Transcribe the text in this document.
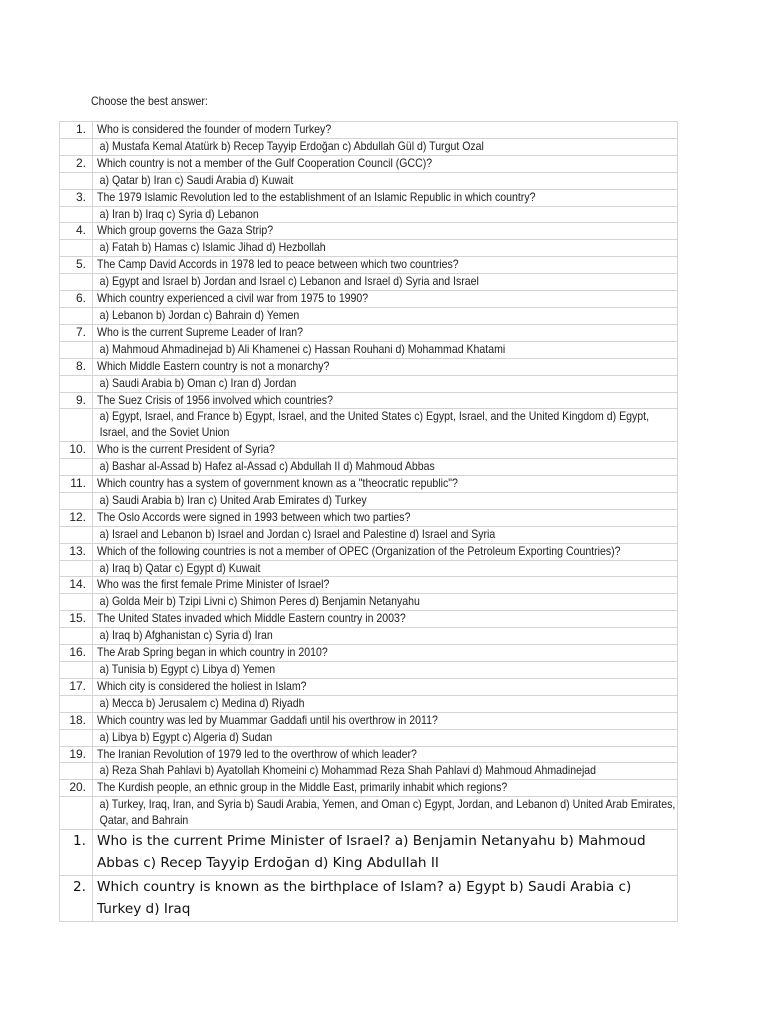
Choose the best answer:
1.	Who is considered the founder of modern Turkey?

	a) Mustafa Kemal Atatürk b) Recep Tayyip Erdoğan c) Abdullah Gül d) Turgut Ozal

2.	Which country is not a member of the Gulf Cooperation Council (GCC)?

	a) Qatar b) Iran c) Saudi Arabia d) Kuwait

3.	The 1979 Islamic Revolution led to the establishment of an Islamic Republic in which country?

	a) Iran b) Iraq c) Syria d) Lebanon

4.	Which group governs the Gaza Strip?

	a) Fatah b) Hamas c) Islamic Jihad d) Hezbollah

5.	The Camp David Accords in 1978 led to peace between which two countries?

	a) Egypt and Israel b) Jordan and Israel c) Lebanon and Israel d) Syria and Israel

6.	Which country experienced a civil war from 1975 to 1990?

	a) Lebanon b) Jordan c) Bahrain d) Yemen

7.	Who is the current Supreme Leader of Iran?

	a) Mahmoud Ahmadinejad b) Ali Khamenei c) Hassan Rouhani d) Mohammad Khatami

8.	Which Middle Eastern country is not a monarchy?

	a) Saudi Arabia b) Oman c) Iran d) Jordan

9.	The Suez Crisis of 1956 involved which countries?

	a) Egypt, Israel, and France b) Egypt, Israel, and the United States c) Egypt, Israel, and the United Kingdom d) Egypt, Israel, and the Soviet Union

10.	Who is the current President of Syria?

	a) Bashar al-Assad b) Hafez al-Assad c) Abdullah II d) Mahmoud Abbas

11.	Which country has a system of government known as a "theocratic republic"?

	a) Saudi Arabia b) Iran c) United Arab Emirates d) Turkey

12.	The Oslo Accords were signed in 1993 between which two parties?

	a) Israel and Lebanon b) Israel and Jordan c) Israel and Palestine d) Israel and Syria

13.	Which of the following countries is not a member of OPEC (Organization of the Petroleum Exporting Countries)?

	a) Iraq b) Qatar c) Egypt d) Kuwait

14.	Who was the first female Prime Minister of Israel?

	a) Golda Meir b) Tzipi Livni c) Shimon Peres d) Benjamin Netanyahu

15.	The United States invaded which Middle Eastern country in 2003?

	a) Iraq b) Afghanistan c) Syria d) Iran

16.	The Arab Spring began in which country in 2010?

	a) Tunisia b) Egypt c) Libya d) Yemen

17.	Which city is considered the holiest in Islam?

	a) Mecca b) Jerusalem c) Medina d) Riyadh

18.	Which country was led by Muammar Gaddafi until his overthrow in 2011?

	a) Libya b) Egypt c) Algeria d) Sudan

19.	The Iranian Revolution of 1979 led to the overthrow of which leader?

	a) Reza Shah Pahlavi b) Ayatollah Khomeini c) Mohammad Reza Shah Pahlavi d) Mahmoud Ahmadinejad

20.	The Kurdish people, an ethnic group in the Middle East, primarily inhabit which regions?

	a) Turkey, Iraq, Iran, and Syria b) Saudi Arabia, Yemen, and Oman c) Egypt, Jordan, and Lebanon d) United Arab Emirates, Qatar, and Bahrain

1.	Who is the current Prime Minister of Israel? a) Benjamin Netanyahu b) Mahmoud Abbas c) Recep Tayyip Erdoğan d) King Abdullah II

2.	Which country is known as the birthplace of Islam? a) Egypt b) Saudi Arabia c) Turkey d) Iraq
